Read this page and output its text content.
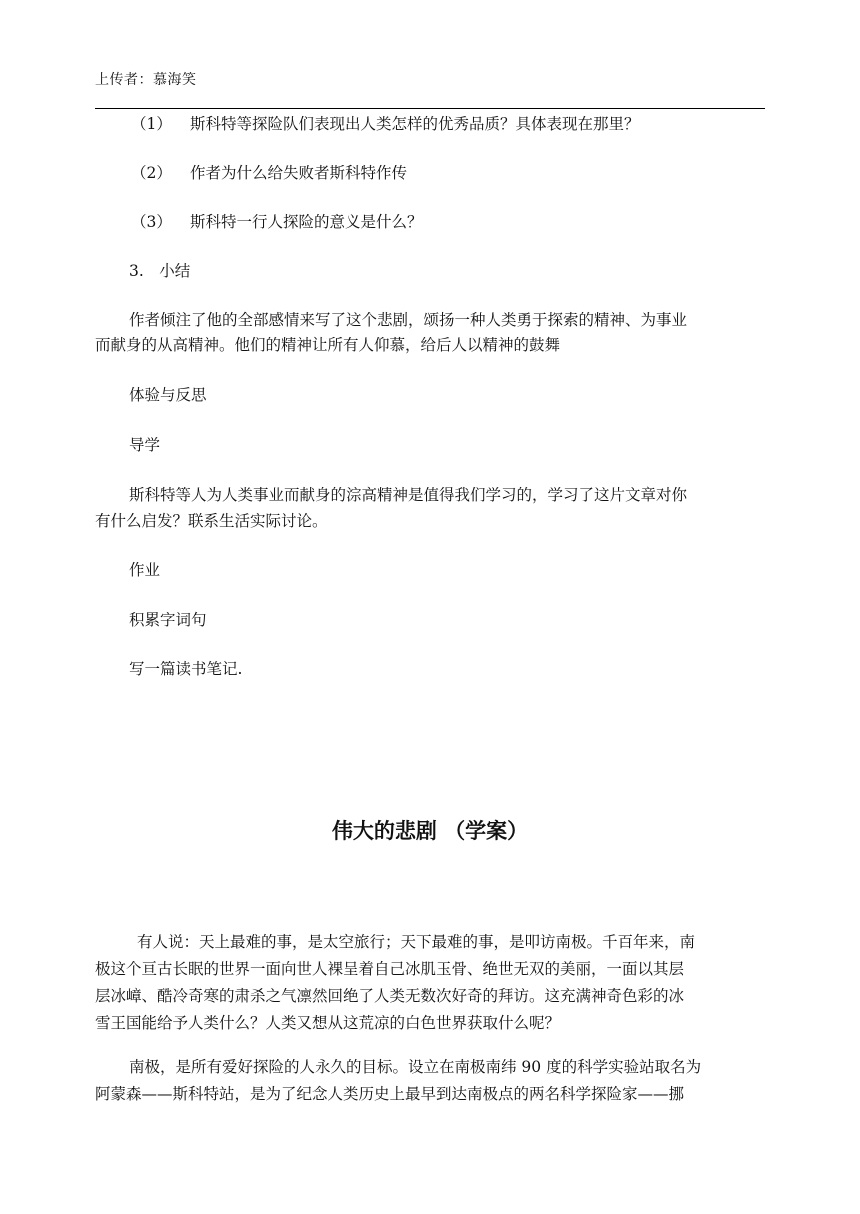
上传者：慕海笑
（1） 斯科特等探险队们表现出人类怎样的优秀品质？具体表现在那里？
（2） 作者为什么给失败者斯科特作传
（3） 斯科特一行人探险的意义是什么？
3.　小结
作者倾注了他的全部感情来写了这个悲剧，颂扬一种人类勇于探索的精神、为事业
而献身的从高精神。他们的精神让所有人仰慕，给后人以精神的鼓舞
体验与反思
导学
斯科特等人为人类事业而献身的淙高精神是值得我们学习的，学习了这片文章对你
有什么启发？联系生活实际讨论。
作业
积累字词句
写一篇读书笔记.
伟大的悲剧 （学案）
有人说：天上最难的事，是太空旅行；天下最难的事，是叩访南极。千百年来，南
极这个亘古长眠的世界一面向世人裸呈着自己冰肌玉骨、绝世无双的美丽，一面以其层
层冰嶂、酷冷奇寒的肃杀之气凛然回绝了人类无数次好奇的拜访。这充满神奇色彩的冰
雪王国能给予人类什么？人类又想从这荒凉的白色世界获取什么呢？
南极，是所有爱好探险的人永久的目标。设立在南极南纬 90 度的科学实验站取名为
阿蒙森——斯科特站，是为了纪念人类历史上最早到达南极点的两名科学探险家——挪
